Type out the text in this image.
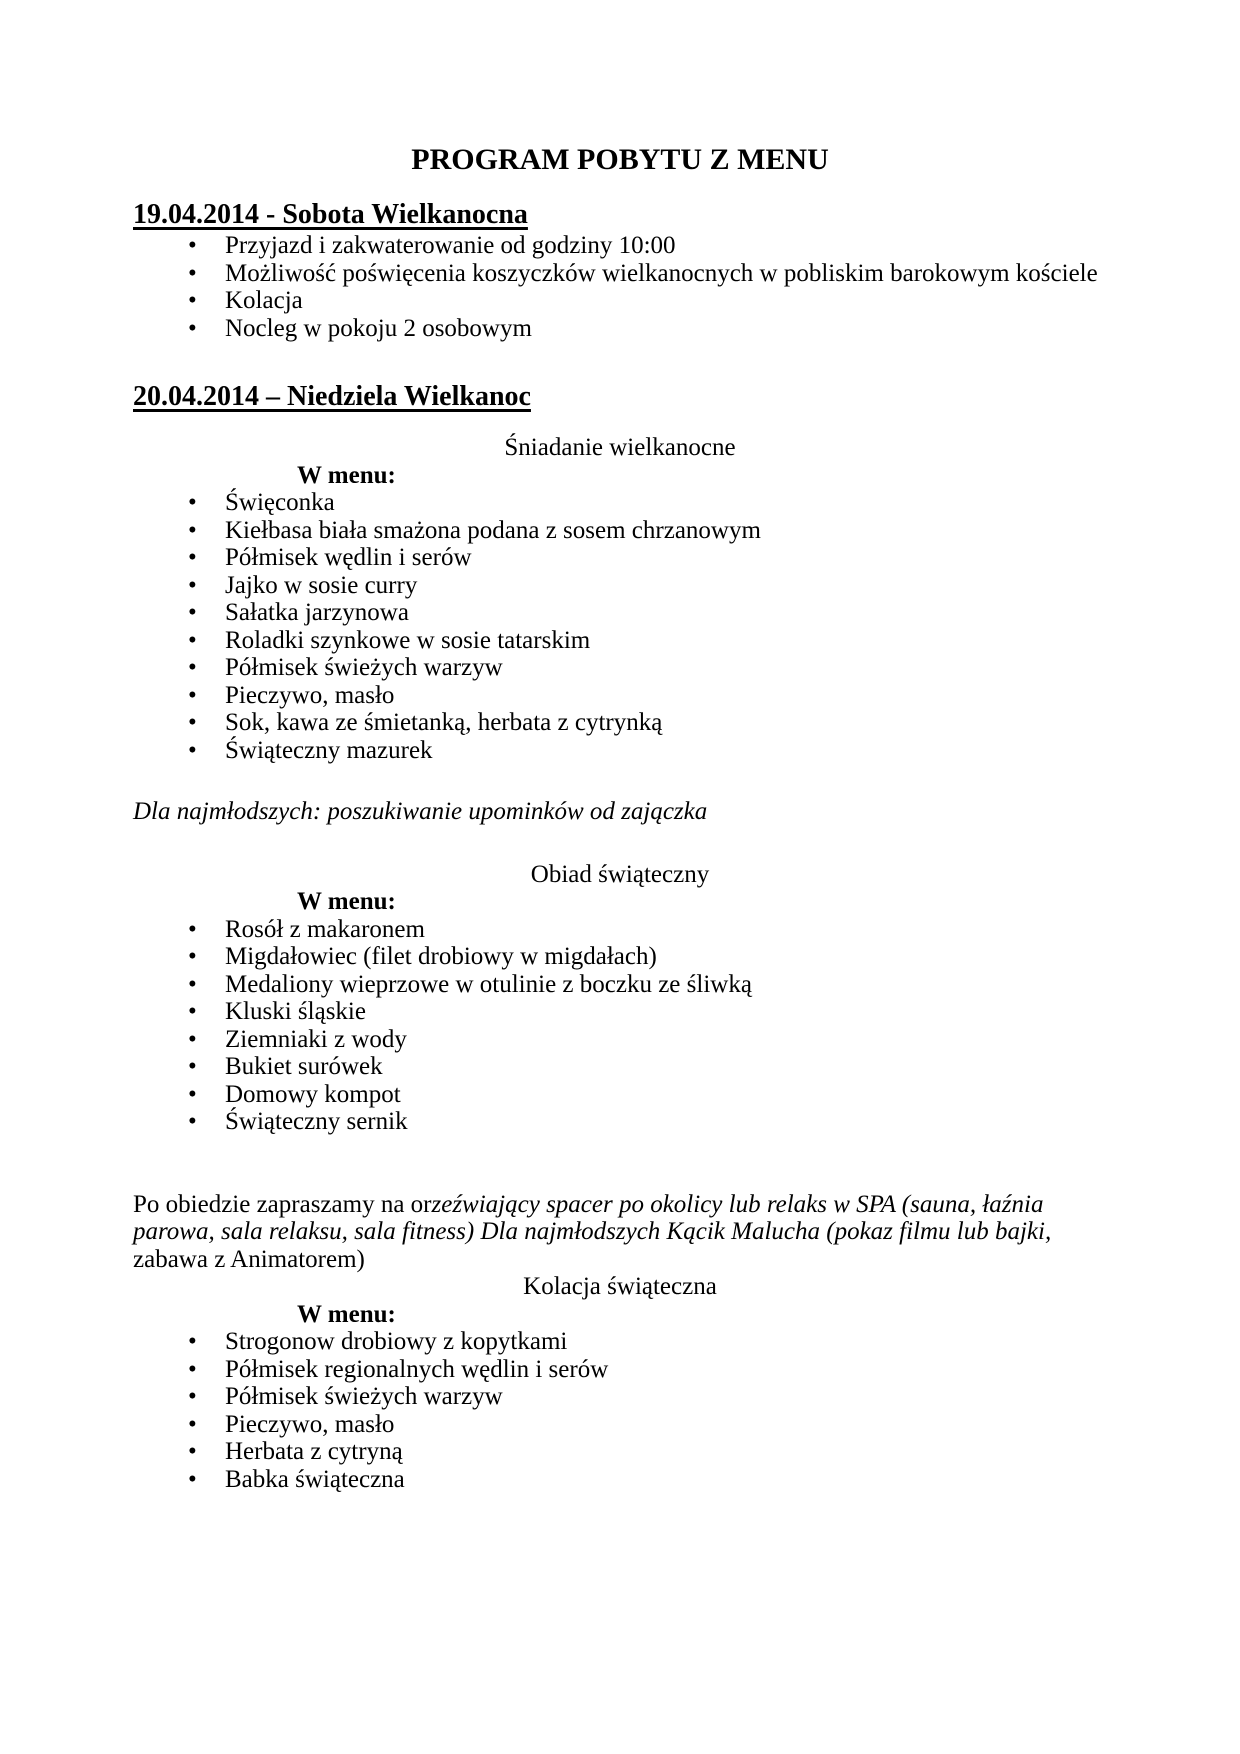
PROGRAM POBYTU Z MENU
19.04.2014 - Sobota Wielkanocna
• Przyjazd i zakwaterowanie od godziny 10:00
• Możliwość poświęcenia koszyczków wielkanocnych w pobliskim barokowym kościele
• Kolacja
• Nocleg w pokoju 2 osobowym
20.04.2014 – Niedziela Wielkanoc
Śniadanie wielkanocne
W menu:
• Święconka
• Kiełbasa biała smażona podana z sosem chrzanowym
• Półmisek wędlin i serów
• Jajko w sosie curry
• Sałatka jarzynowa
• Roladki szynkowe w sosie tatarskim
• Półmisek świeżych warzyw
• Pieczywo, masło
• Sok, kawa ze śmietanką, herbata z cytrynką
• Świąteczny mazurek
Dla najmłodszych: poszukiwanie upominków od zajączka
Obiad świąteczny
W menu:
• Rosół z makaronem
• Migdałowiec (filet drobiowy w migdałach)
• Medaliony wieprzowe w otulinie z boczku ze śliwką
• Kluski śląskie
• Ziemniaki z wody
• Bukiet surówek
• Domowy kompot
• Świąteczny sernik
Po obiedzie zapraszamy na orzeźwiający spacer po okolicy lub relaks w SPA (sauna, łaźnia parowa, sala relaksu, sala fitness) Dla najmłodszych Kącik Malucha (pokaz filmu lub bajki, zabawa z Animatorem)
Kolacja świąteczna
W menu:
• Strogonow drobiowy z kopytkami
• Półmisek regionalnych wędlin i serów
• Półmisek świeżych warzyw
• Pieczywo, masło
• Herbata z cytryną
• Babka świąteczna
